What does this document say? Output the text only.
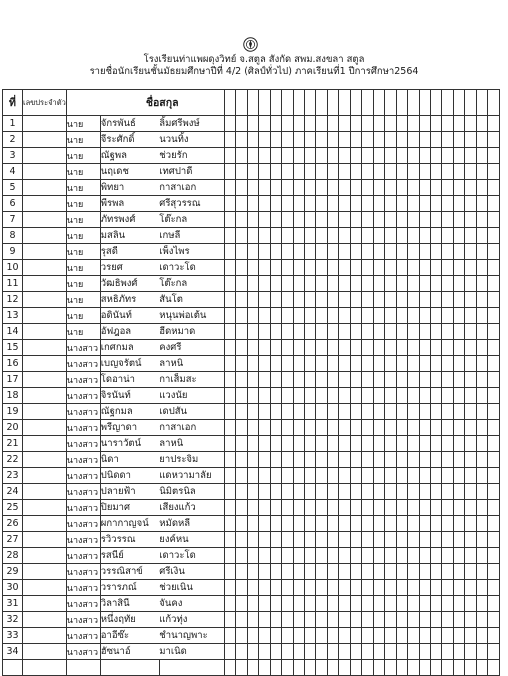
โรงเรียนท่าแพผดุงวิทย์ จ.สตูล สังกัด สพม.สงขลา สตูล
รายชื่อนักเรียนชั้นมัธยมศึกษาปีที่ 4/2 (ศิลป์ทั่วไป) ภาคเรียนที่1 ปีการศึกษา2564
ที่	เลขประจำตัว	ชื่อ		สกุล																								
1		นาย	จักรพันธ์	ลิ้มศรีพงษ์																								
2		นาย	จีระศักดิ์	นวนทิ้ง																								
3		นาย	ณัฐพล	ช่วยรัก																								
4		นาย	นฤเดช	เทศปาดี																								
5		นาย	พิทยา	กาสาเอก																								
6		นาย	พีรพล	ศรีสุวรรณ																								
7		นาย	ภัทรพงศ์	โต๊ะกล																								
8		นาย	มสลิน	เกษลี																								
9		นาย	รุสดี	เพ็งไพร																								
10		นาย	วรยศ	เดาวะโด																								
11		นาย	วัฒธิพงศ์	โต๊ะกล																								
12		นาย	สหธิภัทร	สันโต																								
13		นาย	อดินันท์	หนุนพ่อเต้น																								
14		นาย	อัฟฎอล	ฮีดหมาด																								
15		นางสาว	เกศกมล	คงศรี																								
16		นางสาว	เบญจรัตน์	ลาหนิ																								
17		นางสาว	โดอาน่า	กาเส็มสะ																								
18		นางสาว	จิรนันท์	แวงนัย																								
19		นางสาว	ณัฐกมล	เดปสัน																								
20		นางสาว	พรีญาดา	กาสาเอก																								
21		นางสาว	นาราวัตน์	ลาหนิ																								
22		นางสาว	นิดา	ยาประจิม																								
23		นางสาว	ปนิดดา	แดหวามาลัย																								
24		นางสาว	ปลายฟ้า	นิมิตรนิล																								
25		นางสาว	ปิยมาศ	เสียงแก้ว																								
26		นางสาว	ผกากาญจน์	หมัดหลี																								
27		นางสาว	รวิวรรณ	ยงค์หน																								
28		นางสาว	รสนีย์	เดาวะโด																								
29		นางสาว	วรรณิสาข์	ศรีเงิน																								
30		นางสาว	วรารภณ์	ช่วยเนิน																								
31		นางสาว	วิลาสินี	จันคง																								
32		นางสาว	หนึ่งฤทัย	แก้วทุ่ง																								
33		นางสาว	อาอีซ๊ะ	ชำนาญพาะ																								
34		นางสาว	ฮัซนาอ์	มาเนิด																								
